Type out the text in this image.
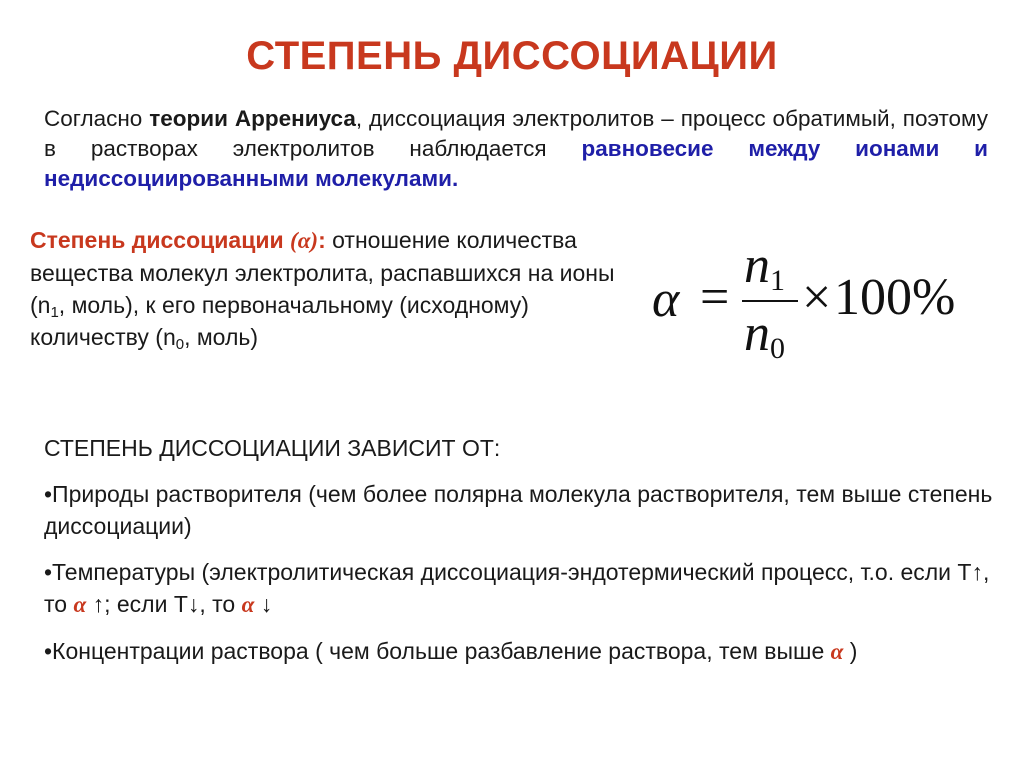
СТЕПЕНЬ ДИССОЦИАЦИИ
Согласно теории Аррениуса, диссоциация электролитов – процесс обратимый, поэтому в растворах электролитов наблюдается равновесие между ионами и недиссоциированными молекулами.
Степень диссоциации (α): отношение количества вещества молекул электролита, распавшихся на ионы ($n_1$, моль), к его первоначальному (исходному) количеству ($n_0$, моль)
α =
$n_1$
$n_0$
× 100%
СТЕПЕНЬ ДИССОЦИАЦИИ ЗАВИСИТ ОТ:
•Природы растворителя (чем более полярна молекула растворителя, тем выше степень диссоциации)
•Температуры (электролитическая диссоциация-эндотермический процесс, т.о. если Т↑, то α ↑; если Т↓, то α ↓
•Концентрации раствора ( чем больше разбавление раствора, тем выше α )
